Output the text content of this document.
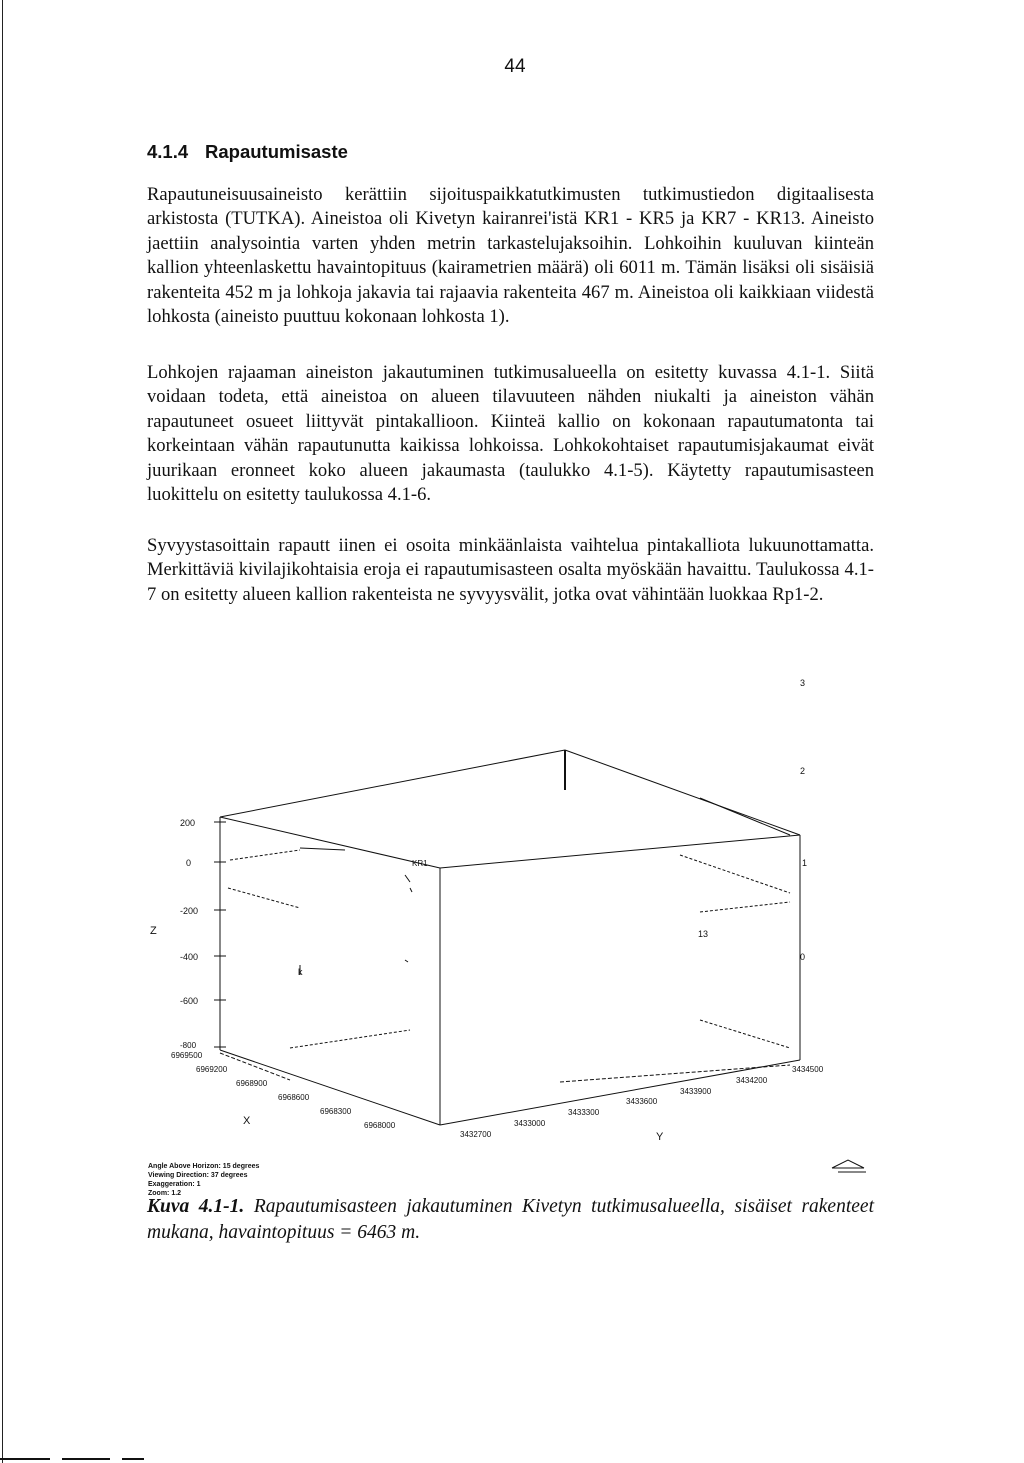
44
4.1.4 Rapautumisaste

Rapautuneisuusaineisto kerättiin sijoituspaikkatutkimusten tutkimustiedon digitaalisesta arkistosta (TUTKA). Aineistoa oli Kivetyn kairanrei'istä KR1 - KR5 ja KR7 - KR13. Aineisto jaettiin analysointia varten yhden metrin tarkastelujaksoihin. Lohkoihin kuuluvan kiinteän kallion yhteenlaskettu havaintopituus (kairametrien määrä) oli 6011 m. Tämän lisäksi oli sisäisiä rakenteita 452 m ja lohkoja jakavia tai rajaavia rakenteita 467 m. Aineistoa oli kaikkiaan viidestä lohkosta (aineisto puuttuu kokonaan lohkosta 1).

Lohkojen rajaaman aineiston jakautuminen tutkimusalueella on esitetty kuvassa 4.1-1. Siitä voidaan todeta, että aineistoa on alueen tilavuuteen nähden niukalti ja aineiston vähän rapautuneet osueet liittyvät pintakallioon. Kiinteä kallio on kokonaan rapautumatonta tai korkeintaan vähän rapautunutta kaikissa lohkoissa. Lohkokohtaiset rapautumisjakaumat eivät juurikaan eronneet koko alueen jakaumasta (taulukko 4.1-5). Käytetty rapautumisasteen luokittelu on esitetty taulukossa 4.1-6.

Syvyystasoittain rapautt iinen ei osoita minkäänlaista vaihtelua pintakalliota lukuunottamatta. Merkittäviä kivilajikohtaisia eroja ei rapautumisasteen osalta myöskään havaittu. Taulukossa 4.1-7 on esitetty alueen kallion rakenteista ne syvyysvälit, jotka ovat vähintään luokkaa Rp1-2.

Z
200
0
-200
-400
-600
-800
X
6969500
6969200
6968900
6968600
6968300
6968000
Y
3432700
3433000
3433300
3433600
3433900
3434200
3434500
3
2
1
0
13
k
KR1
Angle Above Horizon: 15 degrees
Viewing Direction: 37 degrees
Exaggeration: 1
Zoom: 1.2

Kuva 4.1-1. Rapautumisasteen jakautuminen Kivetyn tutkimusalueella, sisäiset rakenteet mukana, havaintopituus = 6463 m.
